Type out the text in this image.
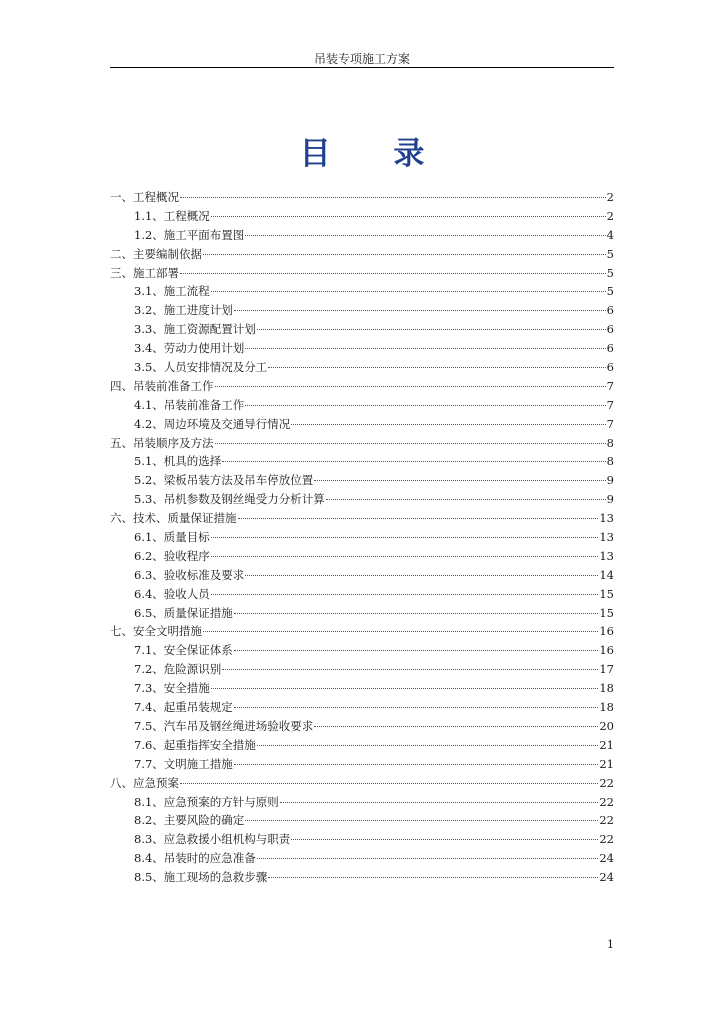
吊装专项施工方案
目 录
一、工程概况	2
1.1、工程概况	2
1.2、施工平面布置图	4
二、主要编制依据	5
三、施工部署	5
3.1、施工流程	5
3.2、施工进度计划	6
3.3、施工资源配置计划	6
3.4、劳动力使用计划	6
3.5、人员安排情况及分工	6
四、吊装前准备工作	7
4.1、吊装前准备工作	7
4.2、周边环境及交通导行情况	7
五、吊装顺序及方法	8
5.1、机具的选择	8
5.2、梁板吊装方法及吊车停放位置	9
5.3、吊机参数及钢丝绳受力分析计算	9
六、技术、质量保证措施	13
6.1、质量目标	13
6.2、验收程序	13
6.3、验收标准及要求	14
6.4、验收人员	15
6.5、质量保证措施	15
七、安全文明措施	16
7.1、安全保证体系	16
7.2、危险源识别	17
7.3、安全措施	18
7.4、起重吊装规定	18
7.5、汽车吊及钢丝绳进场验收要求	20
7.6、起重指挥安全措施	21
7.7、文明施工措施	21
八、应急预案	22
8.1、应急预案的方针与原则	22
8.2、主要风险的确定	22
8.3、应急救援小组机构与职责	22
8.4、吊装时的应急准备	24
8.5、施工现场的急救步骤	24
1
